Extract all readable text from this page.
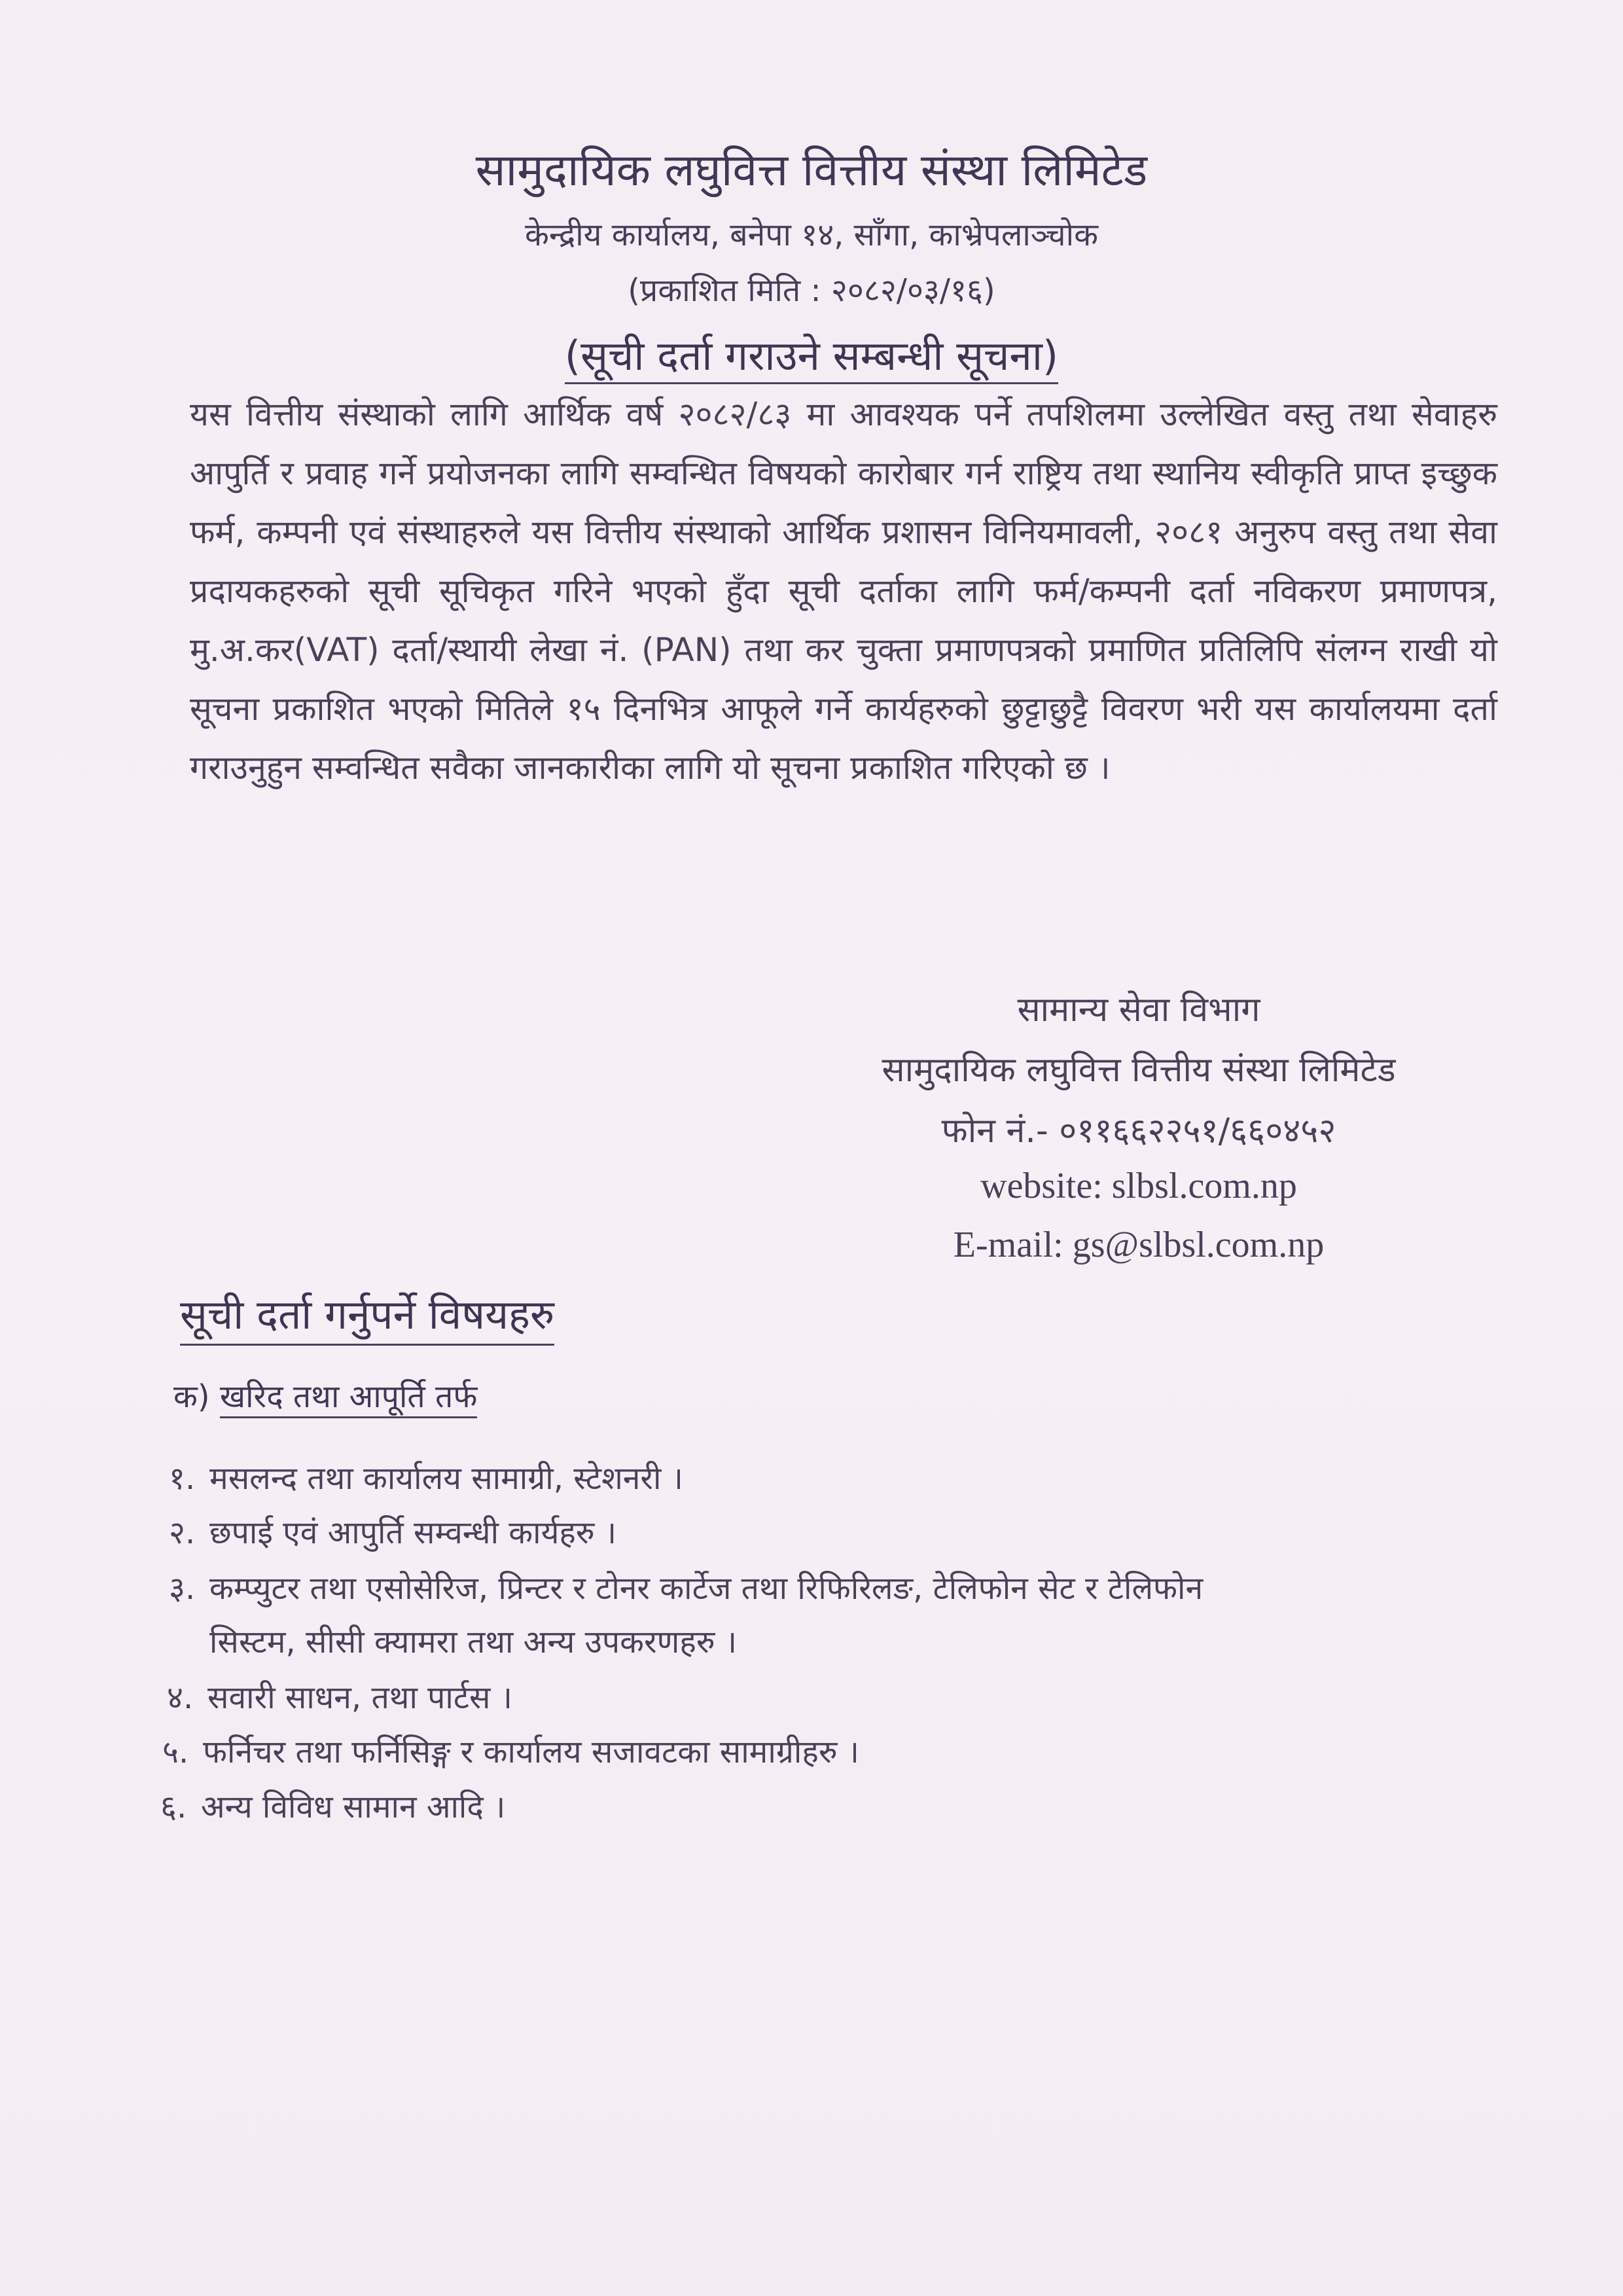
सामुदायिक लघुवित्त वित्तीय संस्था लिमिटेड
केन्द्रीय कार्यालय, बनेपा १४, साँगा, काभ्रेपलाञ्चोक
(प्रकाशित मिति : २०८२/०३/१६)
(सूची दर्ता गराउने सम्बन्धी सूचना)
यस वित्तीय संस्थाको लागि आर्थिक वर्ष २०८२/८३ मा आवश्यक पर्ने तपशिलमा उल्लेखित वस्तु तथा सेवाहरु आपुर्ति र प्रवाह गर्ने प्रयोजनका लागि सम्वन्धित विषयको कारोबार गर्न राष्ट्रिय तथा स्थानिय स्वीकृति प्राप्त इच्छुक फर्म, कम्पनी एवं संस्थाहरुले यस वित्तीय संस्थाको आर्थिक प्रशासन विनियमावली, २०८१ अनुरुप वस्तु तथा सेवा प्रदायकहरुको सूची सूचिकृत गरिने भएको हुँदा सूची दर्ताका लागि फर्म/कम्पनी दर्ता नविकरण प्रमाणपत्र, मु.अ.कर(VAT) दर्ता/स्थायी लेखा नं. (PAN) तथा कर चुक्ता प्रमाणपत्रको प्रमाणित प्रतिलिपि संलग्न राखी यो सूचना प्रकाशित भएको मितिले १५ दिनभित्र आफूले गर्ने कार्यहरुको छुट्टाछुट्टै विवरण भरी यस कार्यालयमा दर्ता गराउनुहुन सम्वन्धित सवैका जानकारीका लागि यो सूचना प्रकाशित गरिएको छ ।
सामान्य सेवा विभाग
सामुदायिक लघुवित्त वित्तीय संस्था लिमिटेड
फोन नं.- ०११६६२२५१/६६०४५२
website: slbsl.com.np
E-mail: gs@slbsl.com.np
सूची दर्ता गर्नुपर्ने विषयहरु
क) खरिद तथा आपूर्ति तर्फ
१. मसलन्द तथा कार्यालय सामाग्री, स्टेशनरी ।
२. छपाई एवं आपुर्ति सम्वन्धी कार्यहरु ।
३. कम्प्युटर तथा एसोसेरिज, प्रिन्टर र टोनर कार्टेज तथा रिफिरिलङ, टेलिफोन सेट र टेलिफोन
सिस्टम, सीसी क्यामरा तथा अन्य उपकरणहरु ।
४. सवारी साधन, तथा पार्टस ।
५. फर्निचर तथा फर्निसिङ्ग र कार्यालय सजावटका सामाग्रीहरु ।
६. अन्य विविध सामान आदि ।
